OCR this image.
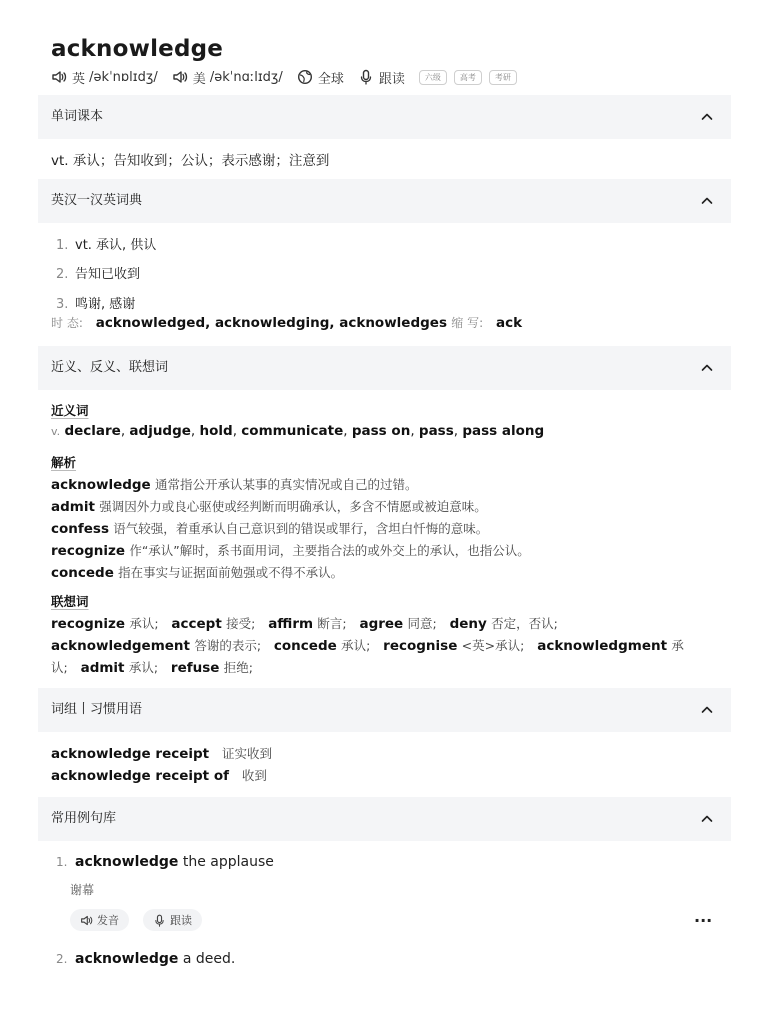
acknowledge
英
/əkˈnɒlɪdʒ/	美
/əkˈnɑːlɪdʒ/	全球	跟读	六级	高考	考研
单词课本
vt. 承认；告知收到；公认；表示感谢；注意到
英汉一汉英词典
1. vt. 承认, 供认
2. 告知已收到
3. 鸣谢, 感谢
时 态: acknowledged, acknowledging, acknowledges 缩 写: ack
近义、反义、联想词
近义词
v. declare, adjudge, hold, communicate, pass on, pass, pass along
解析
acknowledge 通常指公开承认某事的真实情况或自己的过错。
admit 强调因外力或良心驱使或经判断而明确承认，多含不情愿或被迫意味。
confess 语气较强，着重承认自己意识到的错误或罪行，含坦白忏悔的意味。
recognize 作“承认”解时，系书面用词，主要指合法的或外交上的承认，也指公认。
concede 指在事实与证据面前勉强或不得不承认。
联想词
recognize 承认; accept 接受; affirm 断言; agree 同意; deny 否定，否认;
acknowledgement 答谢的表示; concede 承认; recognise <英>承认; acknowledgment 承
认; admit 承认; refuse 拒绝;
词组丨习惯用语
acknowledge receipt 证实收到
acknowledge receipt of 收到
常用例句库
1. acknowledge the applause
谢幕
发音	跟读	···
2. acknowledge a deed.
